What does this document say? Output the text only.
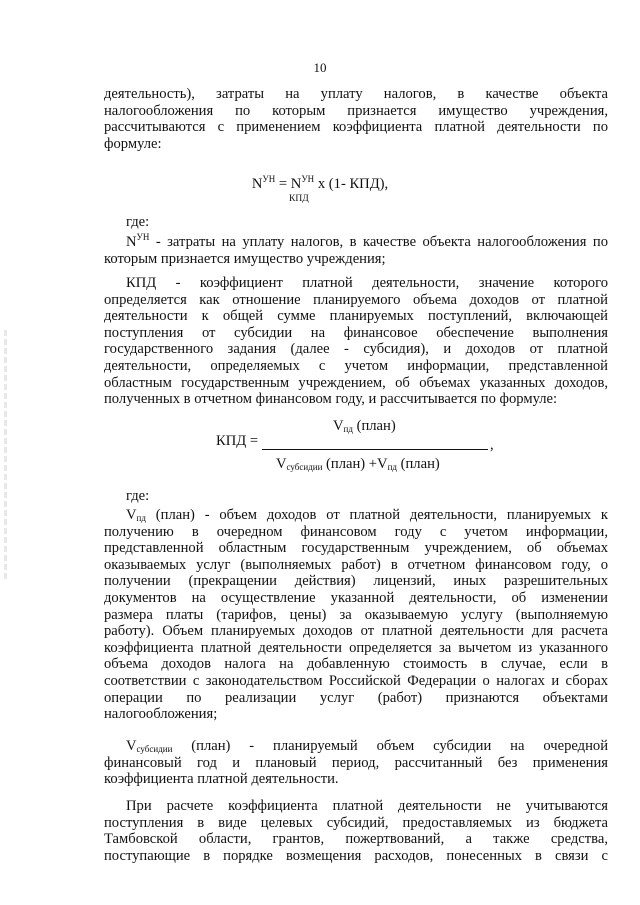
10
деятельность), затраты на уплату налогов, в качестве объекта
налогообложения по которым признается имущество учреждения,
рассчитываются с применением коэффициента платной деятельности по
формуле:
$N^{УН} = N^{УН}$ x (1- КПД),
КПД
где:
$N^{УН}$ - затраты на уплату налогов, в качестве объекта налогообложения по
которым признается имущество учреждения;
КПД - коэффициент платной деятельности, значение которого
определяется как отношение планируемого объема доходов от платной
деятельности к общей сумме планируемых поступлений, включающей
поступления от субсидии на финансовое обеспечение выполнения
государственного задания (далее - субсидия), и доходов от платной
деятельности, определяемых с учетом информации, представленной
областным государственным учреждением, об объемах указанных доходов,
полученных в отчетном финансовом году, и рассчитывается по формуле:
$V_{пд}$ (план)
КПД =	,
$V_{субсидии}$ (план) $+V_{пд}$ (план)
где:
$V_{пд}$ (план) - объем доходов от платной деятельности, планируемых к
получению в очередном финансовом году с учетом информации,
представленной областным государственным учреждением, об объемах
оказываемых услуг (выполняемых работ) в отчетном финансовом году, о
получении (прекращении действия) лицензий, иных разрешительных
документов на осуществление указанной деятельности, об изменении
размера платы (тарифов, цены) за оказываемую услугу (выполняемую
работу). Объем планируемых доходов от платной деятельности для расчета
коэффициента платной деятельности определяется за вычетом из указанного
объема доходов налога на добавленную стоимость в случае, если в
соответствии с законодательством Российской Федерации о налогах и сборах
операции по реализации услуг (работ) признаются объектами
налогообложения;
$V_{субсидии}$ (план) - планируемый объем субсидии на очередной
финансовый год и плановый период, рассчитанный без применения
коэффициента платной деятельности.
При расчете коэффициента платной деятельности не учитываются
поступления в виде целевых субсидий, предоставляемых из бюджета
Тамбовской области, грантов, пожертвований, а также средства,
поступающие в порядке возмещения расходов, понесенных в связи с
